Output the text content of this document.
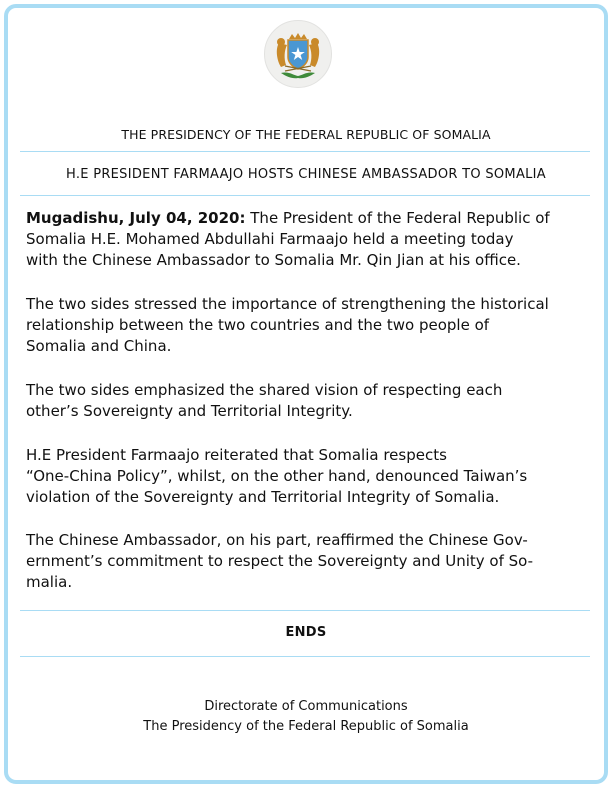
THE PRESIDENCY OF THE FEDERAL REPUBLIC OF SOMALIA
H.E PRESIDENT FARMAAJO HOSTS CHINESE AMBASSADOR TO SOMALIA
Mugadishu, July 04, 2020: The President of the Federal Republic of
Somalia H.E. Mohamed Abdullahi Farmaajo held a meeting today
with the Chinese Ambassador to Somalia Mr. Qin Jian at his office.
The two sides stressed the importance of strengthening the historical
relationship between the two countries and the two people of
Somalia and China.
The two sides emphasized the shared vision of respecting each
other’s Sovereignty and Territorial Integrity.
H.E President Farmaajo reiterated that Somalia respects
“One-China Policy”, whilst, on the other hand, denounced Taiwan’s
violation of the Sovereignty and Territorial Integrity of Somalia.
The Chinese Ambassador, on his part, reaffirmed the Chinese Gov-
ernment’s commitment to respect the Sovereignty and Unity of So-
malia.
ENDS
Directorate of Communications
The Presidency of the Federal Republic of Somalia
